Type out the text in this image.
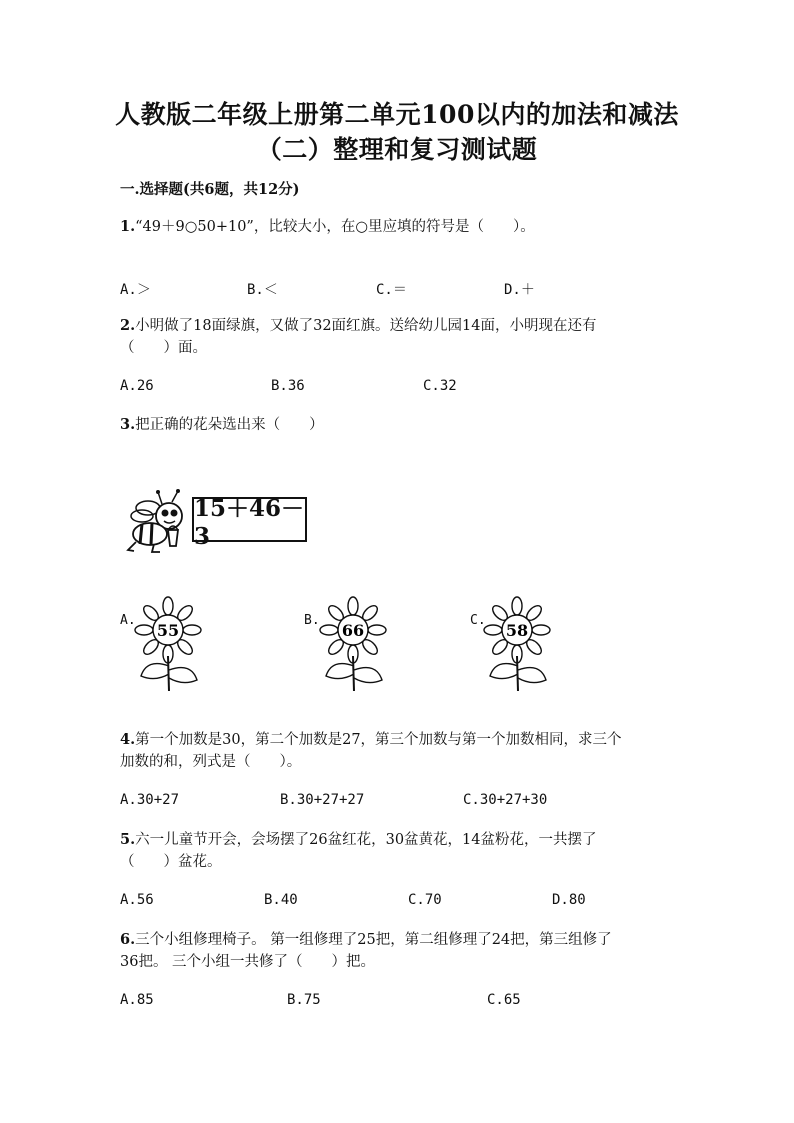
人教版二年级上册第二单元100以内的加法和减法
（二）整理和复习测试题
一.选择题(共6题，共12分)
1.“49＋9○50+10”，比较大小，在○里应填的符号是（　　）。
A.＞	B.＜	C.＝	D.＋
2.小明做了18面绿旗，又做了32面红旗。送给幼儿园14面，小明现在还有
（　　）面。
A.26	B.36	C.32
3.把正确的花朵选出来（　　）
15＋46－3
A.	B.	C.
55	66	58
4.第一个加数是30，第二个加数是27，第三个加数与第一个加数相同，求三个
加数的和，列式是（　　）。
A.30+27	B.30+27+27	C.30+27+30
5.六一儿童节开会，会场摆了26盆红花，30盆黄花，14盆粉花，一共摆了
（　　）盆花。
A.56	B.40	C.70	D.80
6.三个小组修理椅子。 第一组修理了25把，第二组修理了24把，第三组修了
36把。 三个小组一共修了（　　）把。
A.85	B.75	C.65
